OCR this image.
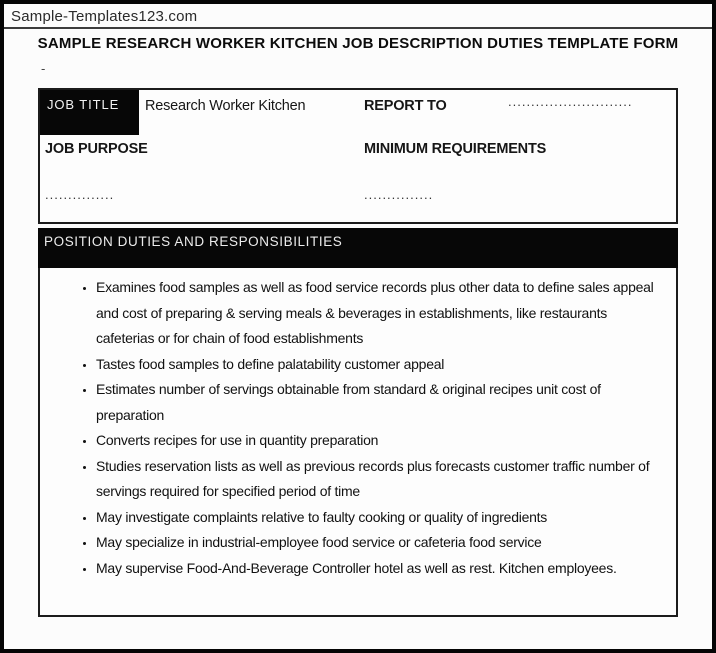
Sample-Templates123.com
SAMPLE RESEARCH WORKER KITCHEN JOB DESCRIPTION DUTIES TEMPLATE FORM
-
JOB TITLE	Research Worker Kitchen	REPORT TO	...........................
JOB PURPOSE	MINIMUM REQUIREMENTS
...............	...............
POSITION DUTIES AND RESPONSIBILITIES
• Examines food samples as well as food service records plus other data to define sales appeal and cost of preparing & serving meals & beverages in establishments, like restaurants cafeterias or for chain of food establishments
• Tastes food samples to define palatability customer appeal
• Estimates number of servings obtainable from standard & original recipes unit cost of preparation
• Converts recipes for use in quantity preparation
• Studies reservation lists as well as previous records plus forecasts customer traffic number of servings required for specified period of time
• May investigate complaints relative to faulty cooking or quality of ingredients
• May specialize in industrial-employee food service or cafeteria food service
• May supervise Food-And-Beverage Controller hotel as well as rest. Kitchen employees.
